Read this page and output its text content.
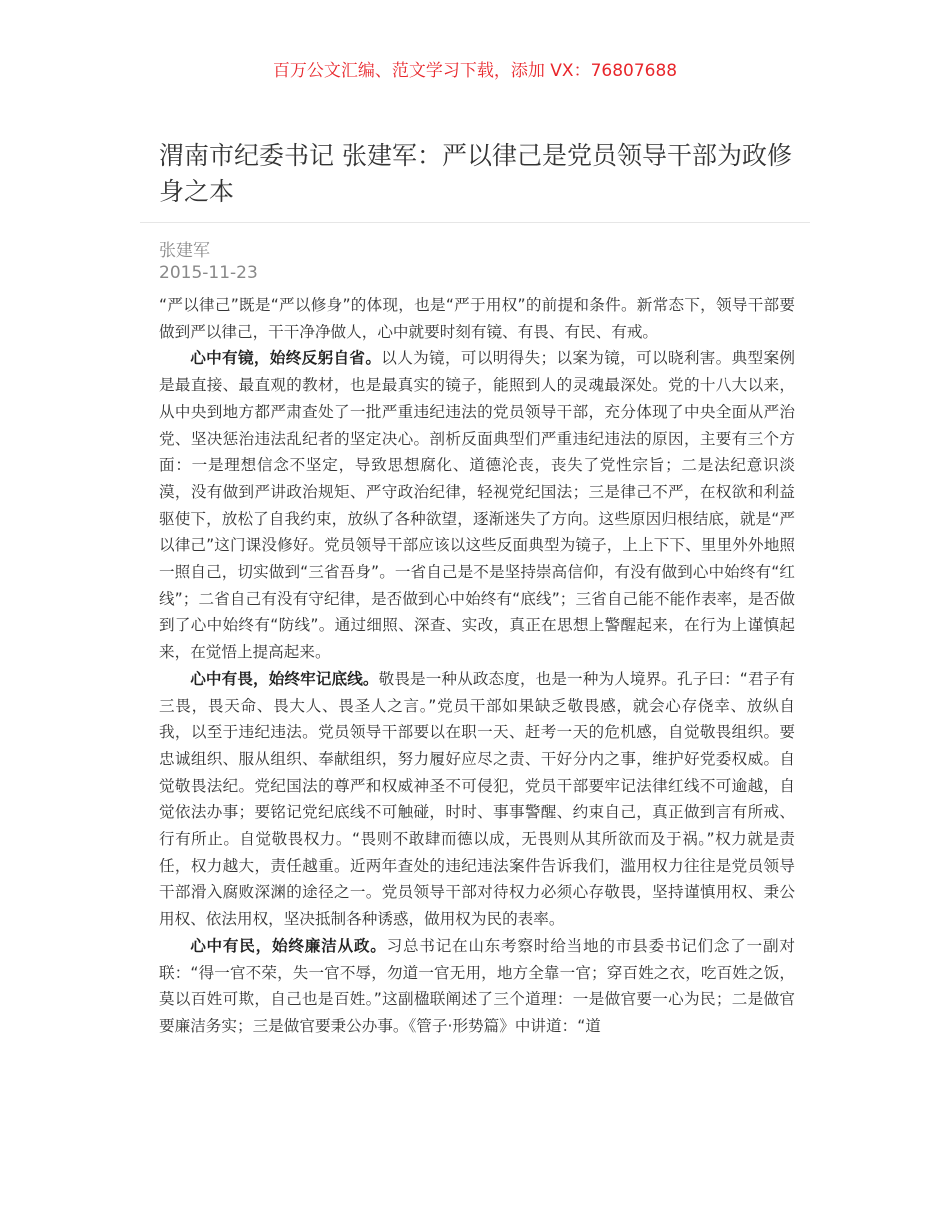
百万公文汇编、范文学习下载，添加 VX：76807688
渭南市纪委书记 张建军：严以律己是党员领导干部为政修身之本
张建军
2015-11-23

“严以律己”既是“严以修身”的体现，也是“严于用权”的前提和条件。新常态下，领导干部要做到严以律己，干干净净做人，心中就要时刻有镜、有畏、有民、有戒。

心中有镜，始终反躬自省。以人为镜，可以明得失；以案为镜，可以晓利害。典型案例是最直接、最直观的教材，也是最真实的镜子，能照到人的灵魂最深处。党的十八大以来，从中央到地方都严肃查处了一批严重违纪违法的党员领导干部，充分体现了中央全面从严治党、坚决惩治违法乱纪者的坚定决心。剖析反面典型们严重违纪违法的原因，主要有三个方面：一是理想信念不坚定，导致思想腐化、道德沦丧，丧失了党性宗旨；二是法纪意识淡漠，没有做到严讲政治规矩、严守政治纪律，轻视党纪国法；三是律己不严，在权欲和利益驱使下，放松了自我约束，放纵了各种欲望，逐渐迷失了方向。这些原因归根结底，就是“严以律己”这门课没修好。党员领导干部应该以这些反面典型为镜子，上上下下、里里外外地照一照自己，切实做到“三省吾身”。一省自己是不是坚持崇高信仰，有没有做到心中始终有“红线”；二省自己有没有守纪律，是否做到心中始终有“底线”；三省自己能不能作表率，是否做到了心中始终有“防线”。通过细照、深查、实改，真正在思想上警醒起来，在行为上谨慎起来，在觉悟上提高起来。

心中有畏，始终牢记底线。敬畏是一种从政态度，也是一种为人境界。孔子曰：“君子有三畏，畏天命、畏大人、畏圣人之言。”党员干部如果缺乏敬畏感，就会心存侥幸、放纵自我，以至于违纪违法。党员领导干部要以在职一天、赶考一天的危机感，自觉敬畏组织。要忠诚组织、服从组织、奉献组织，努力履好应尽之责、干好分内之事，维护好党委权威。自觉敬畏法纪。党纪国法的尊严和权威神圣不可侵犯，党员干部要牢记法律红线不可逾越，自觉依法办事；要铭记党纪底线不可触碰，时时、事事警醒、约束自己，真正做到言有所戒、行有所止。自觉敬畏权力。“畏则不敢肆而德以成，无畏则从其所欲而及于祸。”权力就是责任，权力越大，责任越重。近两年查处的违纪违法案件告诉我们，滥用权力往往是党员领导干部滑入腐败深渊的途径之一。党员领导干部对待权力必须心存敬畏，坚持谨慎用权、秉公用权、依法用权，坚决抵制各种诱惑，做用权为民的表率。

心中有民，始终廉洁从政。习总书记在山东考察时给当地的市县委书记们念了一副对联：“得一官不荣，失一官不辱，勿道一官无用，地方全靠一官；穿百姓之衣，吃百姓之饭，莫以百姓可欺，自己也是百姓。”这副楹联阐述了三个道理：一是做官要一心为民；二是做官要廉洁务实；三是做官要秉公办事。《管子·形势篇》中讲道：“道
